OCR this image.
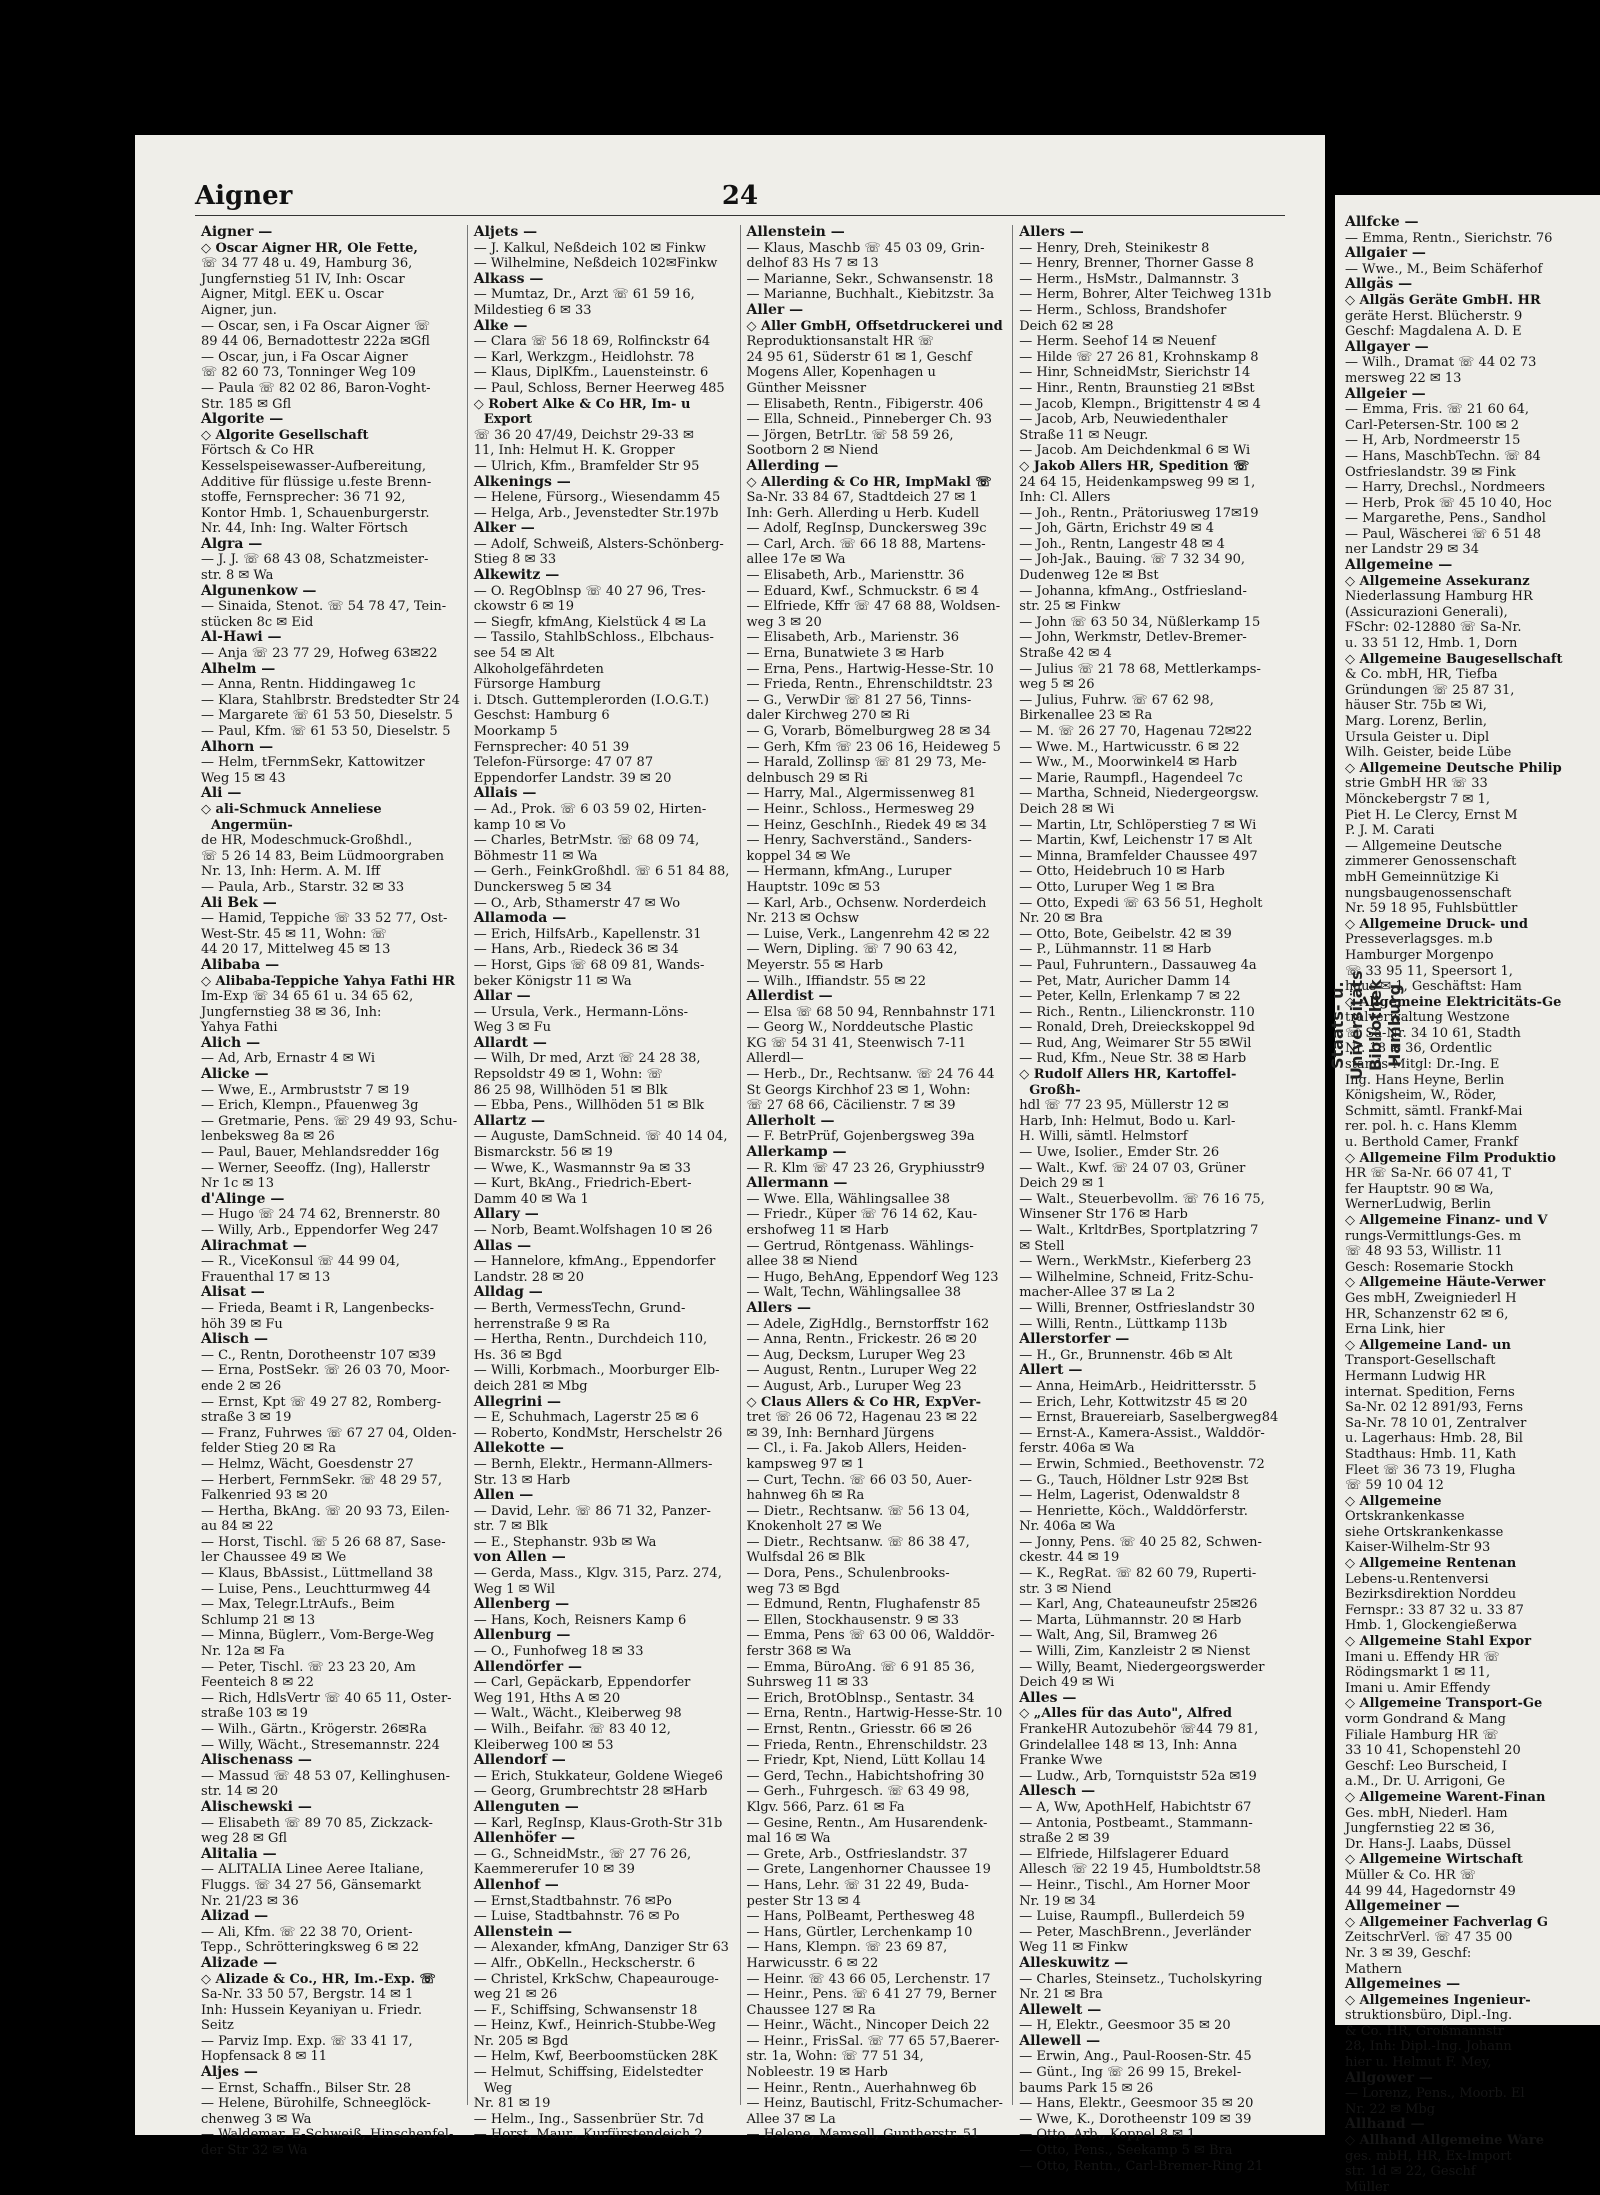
Aigner	24

Aigner —

◇ Oscar Aigner HR, Ole Fette,

☏ 34 77 48 u. 49, Hamburg 36,

Jungfernstieg 51 IV, Inh: Oscar

Aigner, Mitgl. EEK u. Oscar

Aigner, jun.

— Oscar, sen, i Fa Oscar Aigner ☏

89 44 06, Bernadottestr 222a ✉Gfl

— Oscar, jun, i Fa Oscar Aigner

☏ 82 60 73, Tonninger Weg 109

— Paula ☏ 82 02 86, Baron-Voght-

Str. 185 ✉ Gfl

Algorite —

◇ Algorite Gesellschaft

Förtsch & Co HR

Kesselspeisewasser-Aufbereitung,

Additive für flüssige u.feste Brenn-

stoffe, Fernsprecher: 36 71 92,

Kontor Hmb. 1, Schauenburgerstr.

Nr. 44, Inh: Ing. Walter Förtsch

Algra —

— J. J. ☏ 68 43 08, Schatzmeister-

str. 8 ✉ Wa

Algunenkow —

— Sinaida, Stenot. ☏ 54 78 47, Tein-

stücken 8c ✉ Eid

Al-Hawi —

— Anja ☏ 23 77 29, Hofweg 63✉22

Alhelm —

— Anna, Rentn. Hiddingaweg 1c

— Klara, Stahlbrstr. Bredstedter Str 24

— Margarete ☏ 61 53 50, Dieselstr. 5

— Paul, Kfm. ☏ 61 53 50, Dieselstr. 5

Alhorn —

— Helm, tFernmSekr, Kattowitzer

Weg 15 ✉ 43

Ali —

◇ ali-Schmuck Anneliese Angermün-

de HR, Modeschmuck-Großhdl.,

☏ 5 26 14 83, Beim Lüdmoorgraben

Nr. 13, Inh: Herm. A. M. Iff

— Paula, Arb., Starstr. 32 ✉ 33

Ali Bek —

— Hamid, Teppiche ☏ 33 52 77, Ost-

West-Str. 45 ✉ 11, Wohn: ☏

44 20 17, Mittelweg 45 ✉ 13

Alibaba —

◇ Alibaba-Teppiche Yahya Fathi HR

Im-Exp ☏ 34 65 61 u. 34 65 62,

Jungfernstieg 38 ✉ 36, Inh:

Yahya Fathi

Alich —

— Ad, Arb, Ernastr 4 ✉ Wi

Alicke —

— Wwe, E., Armbruststr 7 ✉ 19

— Erich, Klempn., Pfauenweg 3g

— Gretmarie, Pens. ☏ 29 49 93, Schu-

lenbeksweg 8a ✉ 26

— Paul, Bauer, Mehlandsredder 16g

— Werner, Seeoffz. (Ing), Hallerstr

Nr 1c ✉ 13

d'Alinge —

— Hugo ☏ 24 74 62, Brennerstr. 80

— Willy, Arb., Eppendorfer Weg 247

Alirachmat —

— R., ViceKonsul ☏ 44 99 04,

Frauenthal 17 ✉ 13

Alisat —

— Frieda, Beamt i R, Langenbecks-

höh 39 ✉ Fu

Alisch —

— C., Rentn, Dorotheenstr 107 ✉39

— Erna, PostSekr. ☏ 26 03 70, Moor-

ende 2 ✉ 26

— Ernst, Kpt ☏ 49 27 82, Romberg-

straße 3 ✉ 19

— Franz, Fuhrwes ☏ 67 27 04, Olden-

felder Stieg 20 ✉ Ra

— Helmz, Wächt, Goesdenstr 27

— Herbert, FernmSekr. ☏ 48 29 57,

Falkenried 93 ✉ 20

— Hertha, BkAng. ☏ 20 93 73, Eilen-

au 84 ✉ 22

— Horst, Tischl. ☏ 5 26 68 87, Sase-

ler Chaussee 49 ✉ We

— Klaus, BbAssist., Lüttmelland 38

— Luise, Pens., Leuchtturmweg 44

— Max, Telegr.LtrAufs., Beim

Schlump 21 ✉ 13

— Minna, Büglerr., Vom-Berge-Weg

Nr. 12a ✉ Fa

— Peter, Tischl. ☏ 23 23 20, Am

Feenteich 8 ✉ 22

— Rich, HdlsVertr ☏ 40 65 11, Oster-

straße 103 ✉ 19

— Wilh., Gärtn., Krögerstr. 26✉Ra

— Willy, Wächt., Stresemannstr. 224

Alischenass —

— Massud ☏ 48 53 07, Kellinghusen-

str. 14 ✉ 20

Alischewski —

— Elisabeth ☏ 89 70 85, Zickzack-

weg 28 ✉ Gfl

Alitalia —

— ALITALIA Linee Aeree Italiane,

Fluggs. ☏ 34 27 56, Gänsemarkt

Nr. 21/23 ✉ 36

Alizad —

— Ali, Kfm. ☏ 22 38 70, Orient-

Tepp., Schrötteringksweg 6 ✉ 22

Alizade —

◇ Alizade & Co., HR, Im.-Exp. ☏

Sa-Nr. 33 50 57, Bergstr. 14 ✉ 1

Inh: Hussein Keyaniyan u. Friedr.

Seitz

— Parviz Imp. Exp. ☏ 33 41 17,

Hopfensack 8 ✉ 11

Aljes —

— Ernst, Schaffn., Bilser Str. 28

— Helene, Bürohilfe, Schneeglöck-

chenweg 3 ✉ Wa

— Waldemar, E-Schweiß, Hinschenfel-

der Str 32 ✉ Wa

Aljets —

— J. Kalkul, Neßdeich 102 ✉ Finkw

— Wilhelmine, Neßdeich 102✉Finkw

Alkass —

— Mumtaz, Dr., Arzt ☏ 61 59 16,

Mildestieg 6 ✉ 33

Alke —

— Clara ☏ 56 18 69, Rolfinckstr 64

— Karl, Werkzgm., Heidlohstr. 78

— Klaus, DiplKfm., Lauensteinstr. 6

— Paul, Schloss, Berner Heerweg 485

◇ Robert Alke & Co HR, Im- u Export

☏ 36 20 47/49, Deichstr 29-33 ✉

11, Inh: Helmut H. K. Gropper

— Ulrich, Kfm., Bramfelder Str 95

Alkenings —

— Helene, Fürsorg., Wiesendamm 45

— Helga, Arb., Jevenstedter Str.197b

Alker —

— Adolf, Schweiß, Alsters-Schönberg-

Stieg 8 ✉ 33

Alkewitz —

— O. RegOblnsp ☏ 40 27 96, Tres-

ckowstr 6 ✉ 19

— Siegfr, kfmAng, Kielstück 4 ✉ La

— Tassilo, StahlbSchloss., Elbchaus-

see 54 ✉ Alt

Alkoholgefährdeten

Fürsorge Hamburg

i. Dtsch. Guttemplerorden (I.O.G.T.)

Geschst: Hamburg 6

Moorkamp 5

Fernsprecher: 40 51 39

Telefon-Fürsorge: 47 07 87

Eppendorfer Landstr. 39 ✉ 20

Allais —

— Ad., Prok. ☏ 6 03 59 02, Hirten-

kamp 10 ✉ Vo

— Charles, BetrMstr. ☏ 68 09 74,

Böhmestr 11 ✉ Wa

— Gerh., FeinkGroßhdl. ☏ 6 51 84 88,

Dunckersweg 5 ✉ 34

— O., Arb, Sthamerstr 47 ✉ Wo

Allamoda —

— Erich, HilfsArb., Kapellenstr. 31

— Hans, Arb., Riedeck 36 ✉ 34

— Horst, Gips ☏ 68 09 81, Wands-

beker Königstr 11 ✉ Wa

Allar —

— Ursula, Verk., Hermann-Löns-

Weg 3 ✉ Fu

Allardt —

— Wilh, Dr med, Arzt ☏ 24 28 38,

Repsoldstr 49 ✉ 1, Wohn: ☏

86 25 98, Willhöden 51 ✉ Blk

— Ebba, Pens., Willhöden 51 ✉ Blk

Allartz —

— Auguste, DamSchneid. ☏ 40 14 04,

Bismarckstr. 56 ✉ 19

— Wwe, K., Wasmannstr 9a ✉ 33

— Kurt, BkAng., Friedrich-Ebert-

Damm 40 ✉ Wa 1

Allary —

— Norb, Beamt.Wolfshagen 10 ✉ 26

Allas —

— Hannelore, kfmAng., Eppendorfer

Landstr. 28 ✉ 20

Alldag —

— Berth, VermessTechn, Grund-

herrenstraße 9 ✉ Ra

— Hertha, Rentn., Durchdeich 110,

Hs. 36 ✉ Bgd

— Willi, Korbmach., Moorburger Elb-

deich 281 ✉ Mbg

Allegrini —

— E, Schuhmach, Lagerstr 25 ✉ 6

— Roberto, KondMstr, Herschelstr 26

Allekotte —

— Bernh, Elektr., Hermann-Allmers-

Str. 13 ✉ Harb

Allen —

— David, Lehr. ☏ 86 71 32, Panzer-

str. 7 ✉ Blk

— E., Stephanstr. 93b ✉ Wa

von Allen —

— Gerda, Mass., Klgv. 315, Parz. 274,

Weg 1 ✉ Wil

Allenberg —

— Hans, Koch, Reisners Kamp 6

Allenburg —

— O., Funhofweg 18 ✉ 33

Allendörfer —

— Carl, Gepäckarb, Eppendorfer

Weg 191, Hths A ✉ 20

— Walt., Wächt., Kleiberweg 98

— Wilh., Beifahr. ☏ 83 40 12,

Kleiberweg 100 ✉ 53

Allendorf —

— Erich, Stukkateur, Goldene Wiege6

— Georg, Grumbrechtstr 28 ✉Harb

Allenguten —

— Karl, RegInsp, Klaus-Groth-Str 31b

Allenhöfer —

— G., SchneidMstr., ☏ 27 76 26,

Kaemmererufer 10 ✉ 39

Allenhof —

— Ernst,Stadtbahnstr. 76 ✉Po

— Luise, Stadtbahnstr. 76 ✉ Po

Allenstein —

— Alexander, kfmAng, Danziger Str 63

— Alfr., ObKelln., Heckscherstr. 6

— Christel, KrkSchw, Chapeaurouge-

weg 21 ✉ 26

— F., Schiffsing, Schwansenstr 18

— Heinz, Kwf., Heinrich-Stubbe-Weg

Nr. 205 ✉ Bgd

— Helm, Kwf, Beerboomstücken 28K

— Helmut, Schiffsing, Eidelstedter Weg

Nr. 81 ✉ 19

— Helm., Ing., Sassenbrüer Str. 7d

— Horst, Maur., Kurfürstendeich 2

Allenstein —

— Klaus, Maschb ☏ 45 03 09, Grin-

delhof 83 Hs 7 ✉ 13

— Marianne, Sekr., Schwansenstr. 18

— Marianne, Buchhalt., Kiebitzstr. 3a

Aller —

◇ Aller GmbH, Offsetdruckerei und

Reproduktionsanstalt HR ☏

24 95 61, Süderstr 61 ✉ 1, Geschf

Mogens Aller, Kopenhagen u

Günther Meissner

— Elisabeth, Rentn., Fibigerstr. 406

— Ella, Schneid., Pinneberger Ch. 93

— Jörgen, BetrLtr. ☏ 58 59 26,

Sootborn 2 ✉ Niend

Allerding —

◇ Allerding & Co HR, ImpMakl ☏

Sa-Nr. 33 84 67, Stadtdeich 27 ✉ 1

Inh: Gerh. Allerding u Herb. Kudell

— Adolf, RegInsp, Dunckersweg 39c

— Carl, Arch. ☏ 66 18 88, Martens-

allee 17e ✉ Wa

— Elisabeth, Arb., Mariensttr. 36

— Eduard, Kwf., Schmuckstr. 6 ✉ 4

— Elfriede, Kffr ☏ 47 68 88, Woldsen-

weg 3 ✉ 20

— Elisabeth, Arb., Marienstr. 36

— Erna, Bunatwiete 3 ✉ Harb

— Erna, Pens., Hartwig-Hesse-Str. 10

— Frieda, Rentn., Ehrenschildtstr. 23

— G., VerwDir ☏ 81 27 56, Tinns-

daler Kirchweg 270 ✉ Ri

— G, Vorarb, Bömelburgweg 28 ✉ 34

— Gerh, Kfm ☏ 23 06 16, Heideweg 5

— Harald, Zollinsp ☏ 81 29 73, Me-

delnbusch 29 ✉ Ri

— Harry, Mal., Algermissenweg 81

— Heinr., Schloss., Hermesweg 29

— Heinz, GeschInh., Riedek 49 ✉ 34

— Henry, Sachverständ., Sanders-

koppel 34 ✉ We

— Hermann, kfmAng., Luruper

Hauptstr. 109c ✉ 53

— Karl, Arb., Ochsenw. Norderdeich

Nr. 213 ✉ Ochsw

— Luise, Verk., Langenrehm 42 ✉ 22

— Wern, Dipling. ☏ 7 90 63 42,

Meyerstr. 55 ✉ Harb

— Wilh., Iffiandstr. 55 ✉ 22

Allerdist —

— Elsa ☏ 68 50 94, Rennbahnstr 171

— Georg W., Norddeutsche Plastic

KG ☏ 54 31 41, Steenwisch 7-11

Allerdl—

— Herb., Dr., Rechtsanw. ☏ 24 76 44

St Georgs Kirchhof 23 ✉ 1, Wohn:

☏ 27 68 66, Cäcilienstr. 7 ✉ 39

Allerholt —

— F. BetrPrüf, Gojenbergsweg 39a

Allerkamp —

— R. Klm ☏ 47 23 26, Gryphiusstr9

Allermann —

— Wwe. Ella, Wählingsallee 38

— Friedr., Küper ☏ 76 14 62, Kau-

ershofweg 11 ✉ Harb

— Gertrud, Röntgenass. Wählings-

allee 38 ✉ Niend

— Hugo, BehAng, Eppendorf Weg 123

— Walt, Techn, Wählingsallee 38

Allers —

— Adele, ZigHdlg., Bernstorffstr 162

— Anna, Rentn., Frickestr. 26 ✉ 20

— Aug, Decksm, Luruper Weg 23

— August, Rentn., Luruper Weg 22

— August, Arb., Luruper Weg 23

◇ Claus Allers & Co HR, ExpVer-

tret ☏ 26 06 72, Hagenau 23 ✉ 22

✉ 39, Inh: Bernhard Jürgens

— Cl., i. Fa. Jakob Allers, Heiden-

kampsweg 97 ✉ 1

— Curt, Techn. ☏ 66 03 50, Auer-

hahnweg 6h ✉ Ra

— Dietr., Rechtsanw. ☏ 56 13 04,

Knokenholt 27 ✉ We

— Dietr., Rechtsanw. ☏ 86 38 47,

Wulfsdal 26 ✉ Blk

— Dora, Pens., Schulenbrooks-

weg 73 ✉ Bgd

— Edmund, Rentn, Flughafenstr 85

— Ellen, Stockhausenstr. 9 ✉ 33

— Emma, Pens ☏ 63 00 06, Walddör-

ferstr 368 ✉ Wa

— Emma, BüroAng. ☏ 6 91 85 36,

Suhrsweg 11 ✉ 33

— Erich, BrotOblnsp., Sentastr. 34

— Erna, Rentn., Hartwig-Hesse-Str. 10

— Ernst, Rentn., Griesstr. 66 ✉ 26

— Frieda, Rentn., Ehrenschildstr. 23

— Friedr, Kpt, Niend, Lütt Kollau 14

— Gerd, Techn., Habichtshofring 30

— Gerh., Fuhrgesch. ☏ 63 49 98,

Klgv. 566, Parz. 61 ✉ Fa

— Gesine, Rentn., Am Husarendenk-

mal 16 ✉ Wa

— Grete, Arb., Ostfrieslandstr. 37

— Grete, Langenhorner Chaussee 19

— Hans, Lehr. ☏ 31 22 49, Buda-

pester Str 13 ✉ 4

— Hans, PolBeamt, Perthesweg 48

— Hans, Gürtler, Lerchenkamp 10

— Hans, Klempn. ☏ 23 69 87,

Harwicusstr. 6 ✉ 22

— Heinr. ☏ 43 66 05, Lerchenstr. 17

— Heinr., Pens. ☏ 6 41 27 79, Berner

Chaussee 127 ✉ Ra

— Heinr., Wächt., Nincoper Deich 22

— Heinr., FrisSal. ☏ 77 65 57,Baerer-

str. 1a, Wohn: ☏ 77 51 34,

Nobleestr. 19 ✉ Harb

— Heinr., Rentn., Auerhahnweg 6b

— Heinz, Bautischl, Fritz-Schumacher-

Allee 37 ✉ La

— Helene, Mamsell, Guntherstr. 51

Allers —

— Henry, Dreh, Steinikestr 8

— Henry, Brenner, Thorner Gasse 8

— Herm., HsMstr., Dalmannstr. 3

— Herm, Bohrer, Alter Teichweg 131b

— Herm., Schloss, Brandshofer

Deich 62 ✉ 28

— Herm. Seehof 14 ✉ Neuenf

— Hilde ☏ 27 26 81, Krohnskamp 8

— Hinr, SchneidMstr, Sierichstr 14

— Hinr., Rentn, Braunstieg 21 ✉Bst

— Jacob, Klempn., Brigittenstr 4 ✉ 4

— Jacob, Arb, Neuwiedenthaler

Straße 11 ✉ Neugr.

— Jacob. Am Deichdenkmal 6 ✉ Wi

◇ Jakob Allers HR, Spedition ☏

24 64 15, Heidenkampsweg 99 ✉ 1,

Inh: Cl. Allers

— Joh., Rentn., Prätoriusweg 17✉19

— Joh, Gärtn, Erichstr 49 ✉ 4

— Joh., Rentn, Langestr 48 ✉ 4

— Joh-Jak., Bauing. ☏ 7 32 34 90,

Dudenweg 12e ✉ Bst

— Johanna, kfmAng., Ostfriesland-

str. 25 ✉ Finkw

— John ☏ 63 50 34, Nüßlerkamp 15

— John, Werkmstr, Detlev-Bremer-

Straße 42 ✉ 4

— Julius ☏ 21 78 68, Mettlerkamps-

weg 5 ✉ 26

— Julius, Fuhrw. ☏ 67 62 98,

Birkenallee 23 ✉ Ra

— M. ☏ 26 27 70, Hagenau 72✉22

— Wwe. M., Hartwicusstr. 6 ✉ 22

— Ww., M., Moorwinkel4 ✉ Harb

— Marie, Raumpfl., Hagendeel 7c

— Martha, Schneid, Niedergeorgsw.

Deich 28 ✉ Wi

— Martin, Ltr, Schlöperstieg 7 ✉ Wi

— Martin, Kwf, Leichenstr 17 ✉ Alt

— Minna, Bramfelder Chaussee 497

— Otto, Heidebruch 10 ✉ Harb

— Otto, Luruper Weg 1 ✉ Bra

— Otto, Expedi ☏ 63 56 51, Hegholt

Nr. 20 ✉ Bra

— Otto, Bote, Geibelstr. 42 ✉ 39

— P., Lühmannstr. 11 ✉ Harb

— Paul, Fuhruntern., Dassauweg 4a

— Pet, Matr, Auricher Damm 14

— Peter, Kelln, Erlenkamp 7 ✉ 22

— Rich., Rentn., Lilienckronstr. 110

— Ronald, Dreh, Dreieckskoppel 9d

— Rud, Ang, Weimarer Str 55 ✉Wil

— Rud, Kfm., Neue Str. 38 ✉ Harb

◇ Rudolf Allers HR, Kartoffel-Großh-

hdl ☏ 77 23 95, Müllerstr 12 ✉

Harb, Inh: Helmut, Bodo u. Karl-

H. Willi, sämtl. Helmstorf

— Uwe, Isolier., Emder Str. 26

— Walt., Kwf. ☏ 24 07 03, Grüner

Deich 29 ✉ 1

— Walt., Steuerbevollm. ☏ 76 16 75,

Winsener Str 176 ✉ Harb

— Walt., KrltdrBes, Sportplatzring 7

✉ Stell

— Wern., WerkMstr., Kieferberg 23

— Wilhelmine, Schneid, Fritz-Schu-

macher-Allee 37 ✉ La 2

— Willi, Brenner, Ostfrieslandstr 30

— Willi, Rentn., Lüttkamp 113b

Allerstorfer —

— H., Gr., Brunnenstr. 46b ✉ Alt

Allert —

— Anna, HeimArb., Heidrittersstr. 5

— Erich, Lehr, Kottwitzstr 45 ✉ 20

— Ernst, Brauereiarb, Saselbergweg84

— Ernst-A., Kamera-Assist., Walddör-

ferstr. 406a ✉ Wa

— Erwin, Schmied., Beethovenstr. 72

— G., Tauch, Höldner Lstr 92✉ Bst

— Helm, Lagerist, Odenwaldstr 8

— Henriette, Köch., Walddörferstr.

Nr. 406a ✉ Wa

— Jonny, Pens. ☏ 40 25 82, Schwen-

ckestr. 44 ✉ 19

— K., RegRat. ☏ 82 60 79, Ruperti-

str. 3 ✉ Niend

— Karl, Ang, Chateauneufstr 25✉26

— Marta, Lühmannstr. 20 ✉ Harb

— Walt, Ang, Sil, Bramweg 26

— Willi, Zim, Kanzleistr 2 ✉ Nienst

— Willy, Beamt, Niedergeorgswerder

Deich 49 ✉ Wi

Alles —

◇ „Alles für das Auto", Alfred

FrankeHR Autozubehör ☏44 79 81,

Grindelallee 148 ✉ 13, Inh: Anna

Franke Wwe

— Ludw., Arb, Tornquiststr 52a ✉19

Allesch —

— A, Ww, ApothHelf, Habichtstr 67

— Antonia, Postbeamt., Stammann-

straße 2 ✉ 39

— Elfriede, Hilfslagerer Eduard

Allesch ☏ 22 19 45, Humboldtstr.58

— Heinr., Tischl., Am Horner Moor

Nr. 19 ✉ 34

— Luise, Raumpfl., Bullerdeich 59

— Peter, MaschBrenn., Jeverländer

Weg 11 ✉ Finkw

Alleskuwitz —

— Charles, Steinsetz., Tucholskyring

Nr. 21 ✉ Bra

Allewelt —

— H, Elektr., Geesmoor 35 ✉ 20

Allewell —

— Erwin, Ang., Paul-Roosen-Str. 45

— Günt., Ing ☏ 26 99 15, Brekel-

baums Park 15 ✉ 26

— Hans, Elektr., Geesmoor 35 ✉ 20

— Wwe, K., Dorotheenstr 109 ✉ 39

— Otto, Arb., Koppel 8 ✉ 1

— Otto, Pens., Seekamp 5 ✉ Bra

— Otto, Rentn., Carl-Bremer-Ring 21

Allfcke —

— Emma, Rentn., Sierichstr. 76

Allgaier —

— Wwe., M., Beim Schäferhof

Allgäs —

◇ Allgäs Geräte GmbH. HR

geräte Herst. Blücherstr. 9

Geschf: Magdalena A. D. E

Allgayer —

— Wilh., Dramat ☏ 44 02 73

mersweg 22 ✉ 13

Allgeier —

— Emma, Fris. ☏ 21 60 64,

Carl-Petersen-Str. 100 ✉ 2

— H, Arb, Nordmeerstr 15

— Hans, MaschbTechn. ☏ 84

Ostfrieslandstr. 39 ✉ Fink

— Harry, Drechsl., Nordmeers

— Herb, Prok ☏ 45 10 40, Hoc

— Margarethe, Pens., Sandhol

— Paul, Wäscherei ☏ 6 51 48

ner Landstr 29 ✉ 34

Allgemeine —

◇ Allgemeine Assekuranz

Niederlassung Hamburg HR

(Assicurazioni Generali),

FSchr: 02-12880 ☏ Sa-Nr.

u. 33 51 12, Hmb. 1, Dorn

◇ Allgemeine Baugesellschaft

& Co. mbH, HR, Tiefba

Gründungen ☏ 25 87 31,

häuser Str. 75b ✉ Wi,

Marg. Lorenz, Berlin,

Ursula Geister u. Dipl

Wilh. Geister, beide Lübe

◇ Allgemeine Deutsche Philip

strie GmbH HR ☏ 33

Mönckebergstr 7 ✉ 1,

Piet H. Le Clercy, Ernst M

P. J. M. Carati

— Allgemeine Deutsche

zimmerer Genossenschaft

mbH Gemeinnützige Ki

nungsbaugenossenschaft

Nr. 59 18 95, Fuhlsbüttler

◇ Allgemeine Druck- und

Presseverlagsges. m.b

Hamburger Morgenpo

☏ 33 95 11, Speersort 1,

haus ✉ 1, Geschäftst: Ham

◇ Allgemeine Elektricitäts-Ge

tralverwaltung Westzone

☏ Sa-Nr. 34 10 61, Stadth

Nr. 18 ✉ 36, Ordentlic

stands-Mitgl: Dr.-Ing. E

Ing. Hans Heyne, Berlin

Königsheim, W., Röder,

Schmitt, sämtl. Frankf-Mai

rer. pol. h. c. Hans Klemm

u. Berthold Camer, Frankf

◇ Allgemeine Film Produktio

HR ☏ Sa-Nr. 66 07 41, T

fer Hauptstr. 90 ✉ Wa,

WernerLudwig, Berlin

◇ Allgemeine Finanz- und V

rungs-Vermittlungs-Ges. m

☏ 48 93 53, Willistr. 11

Gesch: Rosemarie Stockh

◇ Allgemeine Häute-Verwer

Ges mbH, Zweigniederl H

HR, Schanzenstr 62 ✉ 6,

Erna Link, hier

◇ Allgemeine Land- un

Transport-Gesellschaft

Hermann Ludwig HR

internat. Spedition, Ferns

Sa-Nr. 02 12 891/93, Ferns

Sa-Nr. 78 10 01, Zentralver

u. Lagerhaus: Hmb. 28, Bil

Stadthaus: Hmb. 11, Kath

Fleet ☏ 36 73 19, Flugha

☏ 59 10 04 12

◇ Allgemeine

Ortskrankenkasse

siehe Ortskrankenkasse

Kaiser-Wilhelm-Str 93

◇ Allgemeine Rentenan

Lebens-u.Rentenversi

Bezirksdirektion Norddeu

Fernspr.: 33 87 32 u. 33 87

Hmb. 1, Glockengießerwa

◇ Allgemeine Stahl Expor

Imani u. Effendy HR ☏

Rödingsmarkt 1 ✉ 11,

Imani u. Amir Effendy

◇ Allgemeine Transport-Ge

vorm Gondrand & Mang

Filiale Hamburg HR ☏

33 10 41, Schopenstehl 20

Geschf: Leo Burscheid, I

a.M., Dr. U. Arrigoni, Ge

◇ Allgemeine Warent-Finan

Ges. mbH, Niederl. Ham

Jungfernstieg 22 ✉ 36,

Dr. Hans-J. Laabs, Düssel

◇ Allgemeine Wirtschaft

Müller & Co. HR ☏

44 99 44, Hagedornstr 49

Allgemeiner —

◇ Allgemeiner Fachverlag G

ZeitschrVerl. ☏ 47 35 00

Nr. 3 ✉ 39, Geschf:

Mathern

Allgemeines —

◇ Allgemeines Ingenieur-

struktionsbüro, Dipl.-Ing.

& Co. HR, Großmannstr

28, Inh: Dipl.-Ing. Johann

hier u. Helmut F. Mey,

Allgower —

— Lorenz, Pens., Moorb. El

Nr. 22 ✉ Mbg

Allhand —

◇ Allhand Allgemeine Ware

ges. mbH, HR, Ex-Import

str. 1d ✉ 22, Geschf

Müller

Staats- u. Universitäts Bibliothek Hamburg
